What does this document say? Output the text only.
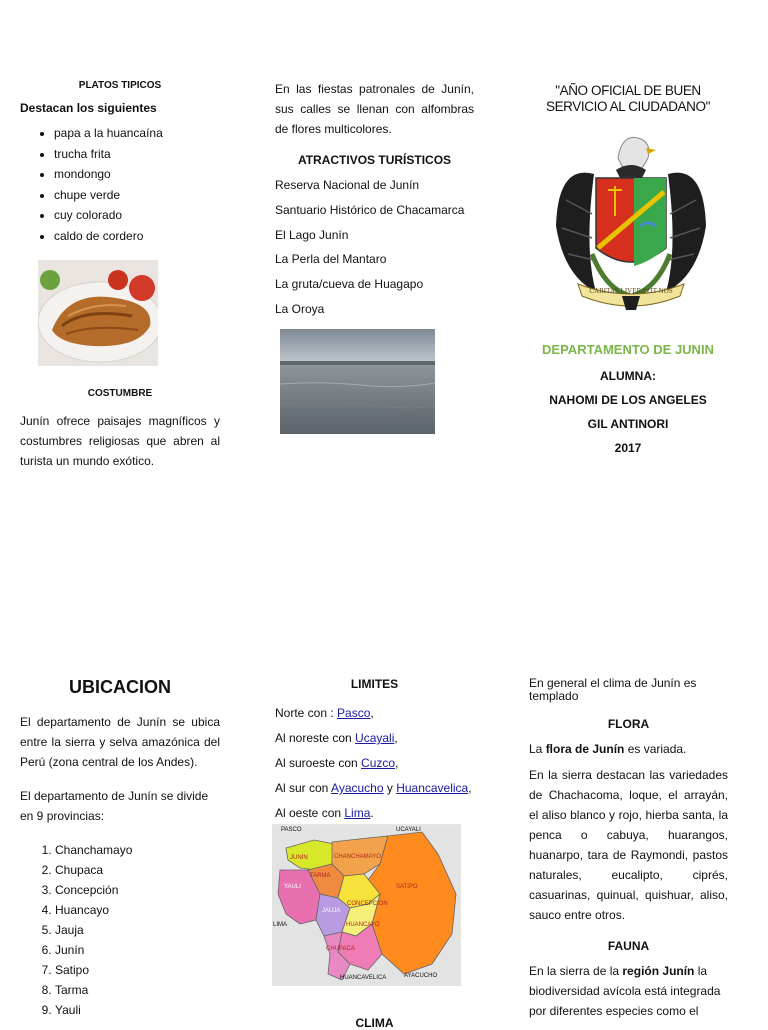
PLATOS TIPICOS
Destacan los siguientes
• papa a la huancaína
• trucha frita
• mondongo
• chupe verde
• cuy colorado
• caldo de cordero
COSTUMBRE

Junín ofrece paisajes magníficos y costumbres religiosas que abren al turista un mundo exótico.

En las fiestas patronales de Junín, sus calles se llenan con alfombras de flores multicolores.

ATRACTIVOS TURÍSTICOS
Reserva Nacional de Junín
Santuario Histórico de Chacamarca
El Lago Junín
La Perla del Mantaro
La gruta/cueva de Huagapo
La Oroya
"AÑO OFICIAL DE BUEN SERVICIO AL CIUDADANO"
CARITAS LIVERAVIT NOS
DEPARTAMENTO DE JUNIN
ALUMNA:
NAHOMI DE LOS ANGELES
GIL ANTINORI
2017
UBICACION

El departamento de Junín se ubica entre la sierra y selva amazónica del Perú (zona central de los Andes).

El departamento de Junín se divide en 9 provincias:

1. Chanchamayo
2. Chupaca
3. Concepción
4. Huancayo
5. Jauja
6. Junín
7. Satipo
8. Tarma
9. Yauli
LIMITES
Norte con : Pasco,
Al noreste con Ucayali,
Al suroeste con Cuzco,
Al sur con Ayacucho y Huancavelica,
Al oeste con Lima.
PASCO	UCAYALI
JUNIN	CHANCHAMAYO
TARMA
YAULI	SATIPO
CONCEPCION
JAUJA
HUANCAYO
LIMA
CHUPACA
HUANCAVELICA	AYACUCHO
CLIMA

En general el clima de Junín es templado

FLORA

La flora de Junín es variada.

En la sierra destacan las variedades de Chachacoma, loque, el arrayán, el aliso blanco y rojo, hierba santa, la penca o cabuya, huarangos, huanarpo, tara de Raymondi, pastos naturales, eucalipto, ciprés, casuarinas, quinual, quishuar, aliso, sauco entre otros.

FAUNA

En la sierra de la región Junín la biodiversidad avícola está integrada por diferentes especies como el
